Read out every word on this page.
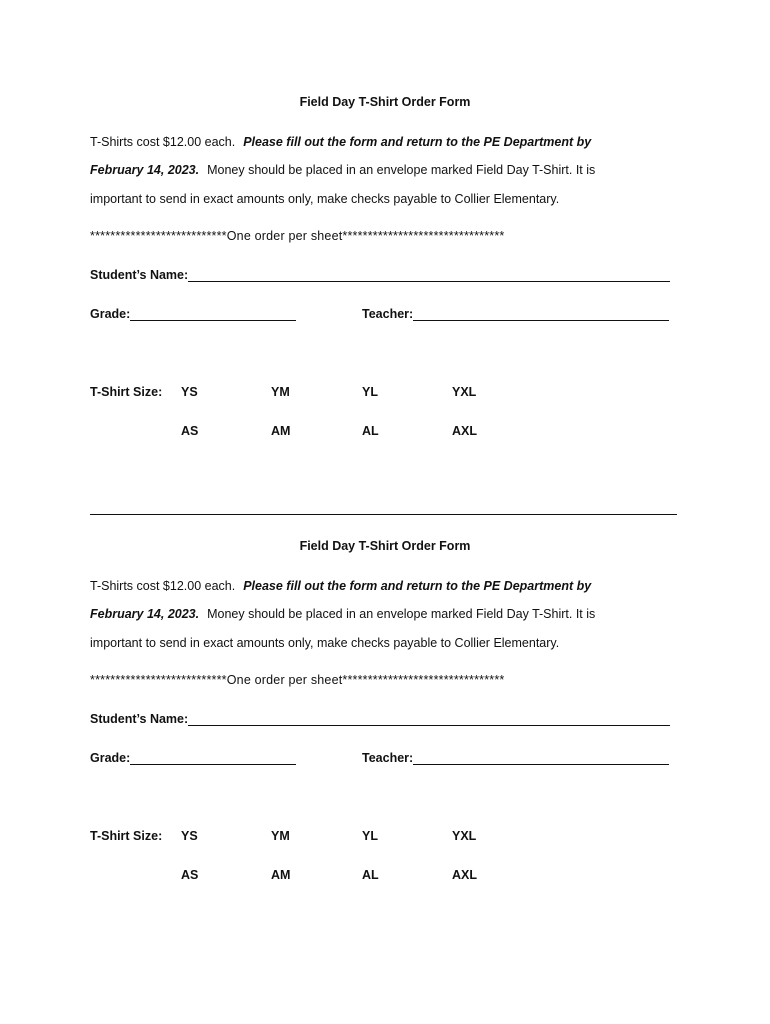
Field Day T-Shirt Order Form
T-Shirts cost $12.00 each. Please fill out the form and return to the PE Department by
February 14, 2023. Money should be placed in an envelope marked Field Day T-Shirt. It is
important to send in exact amounts only, make checks payable to Collier Elementary.
***************************One order per sheet********************************
Student’s Name:
Grade:	Teacher:
T-Shirt Size: YS	YM	YL	YXL
AS	AM	AL	AXL
Field Day T-Shirt Order Form
T-Shirts cost $12.00 each. Please fill out the form and return to the PE Department by
February 14, 2023. Money should be placed in an envelope marked Field Day T-Shirt. It is
important to send in exact amounts only, make checks payable to Collier Elementary.
***************************One order per sheet********************************
Student’s Name:
Grade:	Teacher:
T-Shirt Size: YS	YM	YL	YXL
AS	AM	AL	AXL
